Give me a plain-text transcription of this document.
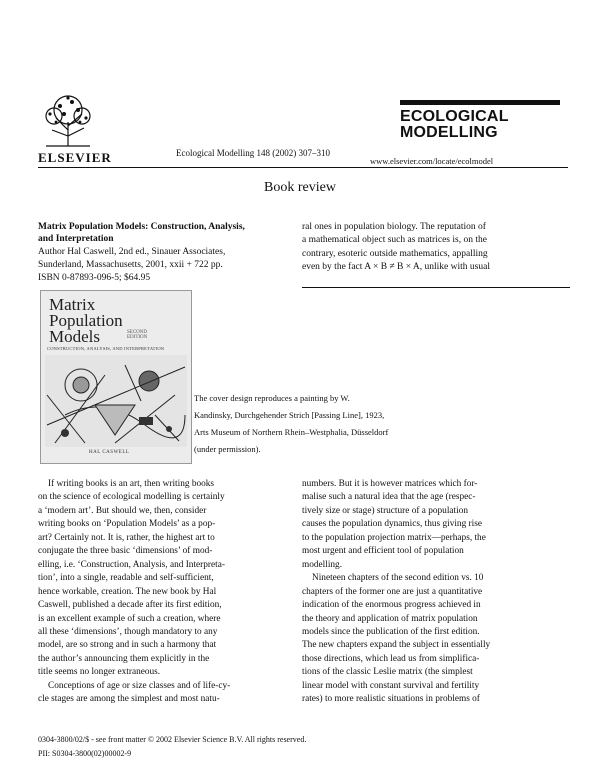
ELSEVIER	Ecological Modelling 148 (2002) 307–310
ECOLOGICAL
MODELLING
www.elsevier.com/locate/ecolmodel
Book review
Matrix Population Models: Construction, Analysis,
and Interpretation
Author Hal Caswell, 2nd ed., Sinauer Associates,
Sunderland, Massachusetts, 2001, xxii + 722 pp.
ISBN 0-87893-096-5; $64.95
ral ones in population biology. The reputation of
a mathematical object such as matrices is, on the
contrary, esoteric outside mathematics, appalling
even by the fact A × B ≠ B × A, unlike with usual
Matrix
Population
Models	SECOND EDITION
CONSTRUCTION, ANALYSIS, AND INTERPRETATION
HAL CASWELL
The cover design reproduces a painting by W.
Kandinsky, Durchgehender Strich [Passing Line], 1923,
Arts Museum of Northern Rhein–Westphalia, Düsseldorf
(under permission).
If writing books is an art, then writing books
on the science of ecological modelling is certainly
a ‘modern art’. But should we, then, consider
writing books on ‘Population Models’ as a pop-
art? Certainly not. It is, rather, the highest art to
conjugate the three basic ‘dimensions’ of mod-
elling, i.e. ‘Construction, Analysis, and Interpreta-
tion’, into a single, readable and self-sufficient,
hence workable, creation. The new book by Hal
Caswell, published a decade after its first edition,
is an excellent example of such a creation, where
all these ‘dimensions’, though mandatory to any
model, are so strong and in such a harmony that
the author’s announcing them explicitly in the
title seems no longer extraneous.
Conceptions of age or size classes and of life-cy-
cle stages are among the simplest and most natu-
numbers. But it is however matrices which for-
malise such a natural idea that the age (respec-
tively size or stage) structure of a population
causes the population dynamics, thus giving rise
to the population projection matrix—perhaps, the
most urgent and efficient tool of population
modelling.
Nineteen chapters of the second edition vs. 10
chapters of the former one are just a quantitative
indication of the enormous progress achieved in
the theory and application of matrix population
models since the publication of the first edition.
The new chapters expand the subject in essentially
those directions, which lead us from simplifica-
tions of the classic Leslie matrix (the simplest
linear model with constant survival and fertility
rates) to more realistic situations in problems of
0304-3800/02/$ - see front matter © 2002 Elsevier Science B.V. All rights reserved.
PII: S0304-3800(02)00002-9
